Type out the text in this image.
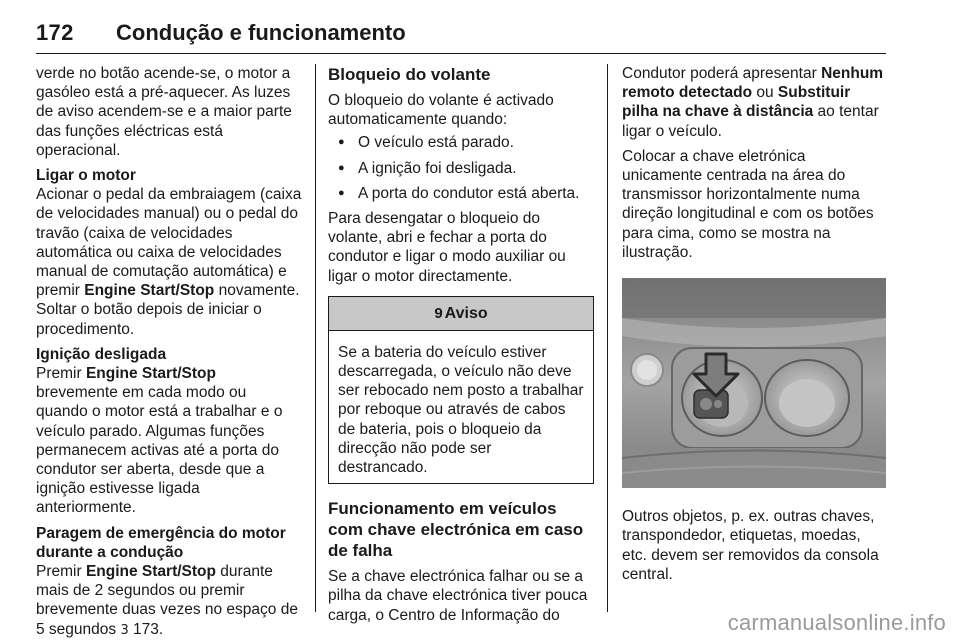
172 Condução e funcionamento
verde no botão acende-se, o motor a gasóleo está a pré-aquecer. As luzes de aviso acendem-se e a maior parte das funções eléctricas está operacional.
Ligar o motor
Acionar o pedal da embraiagem (caixa de velocidades manual) ou o pedal do travão (caixa de velocidades automática ou caixa de velocidades manual de comutação automática) e premir Engine Start/Stop novamente. Soltar o botão depois de iniciar o procedimento.
Ignição desligada
Premir Engine Start/Stop brevemente em cada modo ou quando o motor está a trabalhar e o veículo parado. Algumas funções permanecem activas até a porta do condutor ser aberta, desde que a ignição estivesse ligada anteriormente.
Paragem de emergência do motor durante a condução
Premir Engine Start/Stop durante mais de 2 segundos ou premir brevemente duas vezes no espaço de 5 segundos 3 173.
Bloqueio do volante
O bloqueio do volante é activado automaticamente quando:
● O veículo está parado.
● A ignição foi desligada.
● A porta do condutor está aberta.
Para desengatar o bloqueio do volante, abri e fechar a porta do condutor e ligar o modo auxiliar ou ligar o motor directamente.
9 Aviso
Se a bateria do veículo estiver descarregada, o veículo não deve ser rebocado nem posto a trabalhar por reboque ou através de cabos de bateria, pois o bloqueio da direcção não pode ser destrancado.
Funcionamento em veículos com chave electrónica em caso de falha
Se a chave electrónica falhar ou se a pilha da chave electrónica tiver pouca carga, o Centro de Informação do
Condutor poderá apresentar Nenhum remoto detectado ou Substituir pilha na chave à distância ao tentar ligar o veículo.
Colocar a chave eletrónica unicamente centrada na área do transmissor horizontalmente numa direção longitudinal e com os botões para cima, como se mostra na ilustração.
Outros objetos, p. ex. outras chaves, transpondedor, etiquetas, moedas, etc. devem ser removidos da consola central.
carmanualsonline.info
